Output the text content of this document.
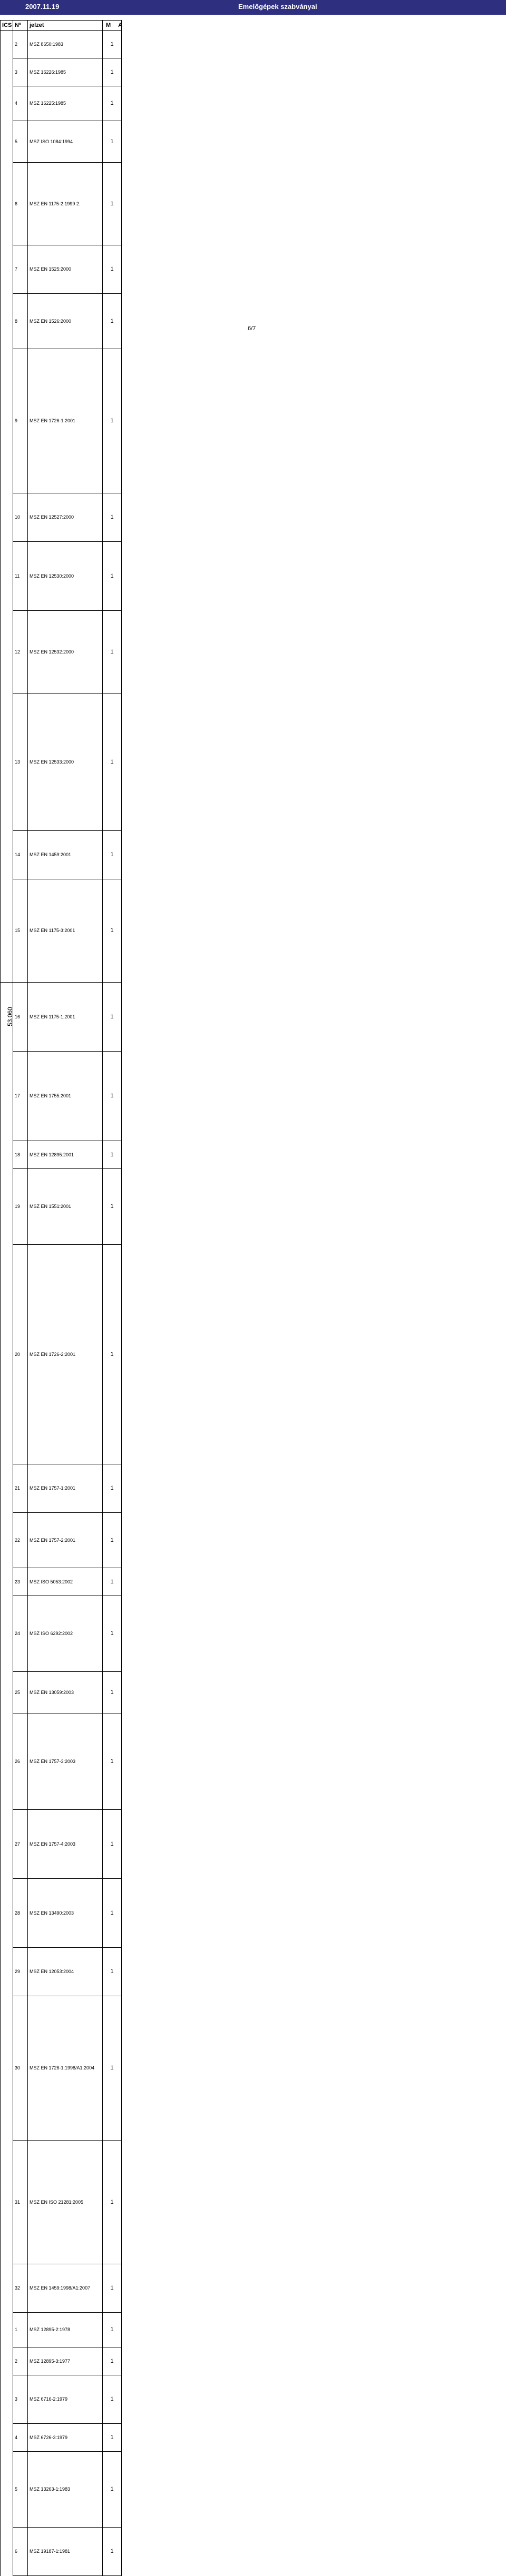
2007.11.19	Emelőgépek szabványai
ICS	Nº	jelzet	M A	
	2	MSZ 8650:1983	1	
	3	MSZ 16226:1985	1	
	4	MSZ 16225:1985	1	
	5	MSZ ISO 1084:1994	1	
	6	MSZ EN 1175-2:1999 2.	1	
	7	MSZ EN 1525:2000	1	
	8	MSZ EN 1526:2000	1	
	9	MSZ EN 1726-1:2001	1	
	10	MSZ EN 12527:2000	1	
	11	MSZ EN 12530:2000	1	
	12	MSZ EN 12532:2000	1	
	13	MSZ EN 12533:2000	1	
	14	MSZ EN 1459:2001	1	
	15	MSZ EN 1175-3:2001	1	
53.060	16	MSZ EN 1175-1:2001	1	
	17	MSZ EN 1755:2001	1	
	18	MSZ EN 12895:2001	1	
	19	MSZ EN 1551:2001	1	
	20	MSZ EN 1726-2:2001	1	
	21	MSZ EN 1757-1:2001	1	
	22	MSZ EN 1757-2:2001	1	
	23	MSZ ISO 5053:2002	1	
	24	MSZ ISO 6292:2002	1	
	25	MSZ EN 13059:2003	1	
	26	MSZ EN 1757-3:2003	1	
	27	MSZ EN 1757-4:2003	1	
	28	MSZ EN 13490:2003	1	
	29	MSZ EN 12053:2004	1	
	30	MSZ EN 1726-1:1998/A1:2004	1	
	31	MSZ EN ISO 21281:2005	1	
	32	MSZ EN 1459:1998/A1:2007	1	
	1	MSZ 12895-2:1978	1	
	2	MSZ 12895-3:1977	1	
	3	MSZ 6716-2:1979	1	
	4	MSZ 6726-3:1979	1	
	5	MSZ 13263-1:1983	1	
	6	MSZ 19187-1:1981	1	
6/7
